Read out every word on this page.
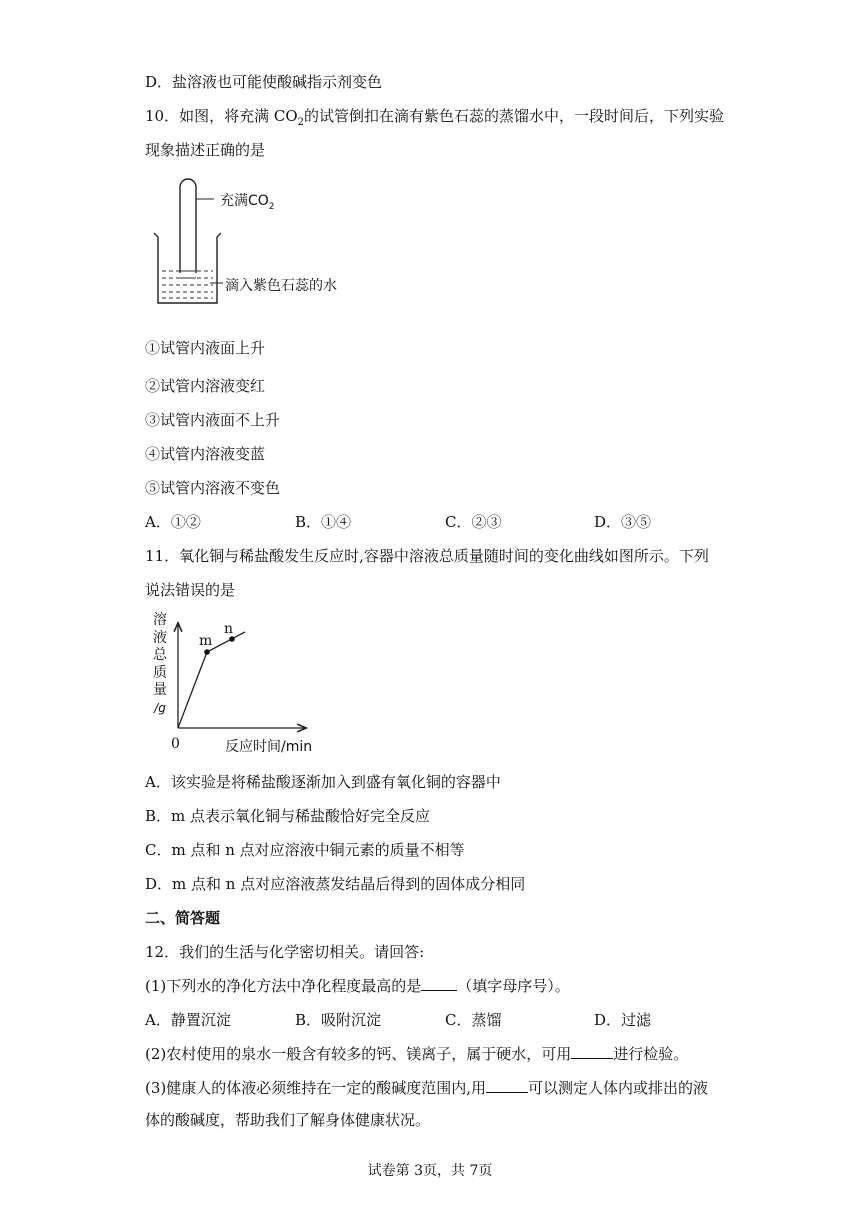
D．盐溶液也可能使酸碱指示剂变色
10．如图，将充满 $CO_2$的试管倒扣在滴有紫色石蕊的蒸馏水中，一段时间后，下列实验
现象描述正确的是
充满$CO_2$
滴入紫色石蕊的水
①试管内液面上升
②试管内溶液变红
③试管内液面不上升
④试管内溶液变蓝
⑤试管内溶液不变色
A．①②	B．①④	C．②③	D．③⑤
11．氧化铜与稀盐酸发生反应时,容器中溶液总质量随时间的变化曲线如图所示。下列
说法错误的是
溶
液
总
质
量
/g
m
n
0	反应时间/min
A．该实验是将稀盐酸逐渐加入到盛有氧化铜的容器中
B．m 点表示氧化铜与稀盐酸恰好完全反应
C．m 点和 n 点对应溶液中铜元素的质量不相等
D．m 点和 n 点对应溶液蒸发结晶后得到的固体成分相同
二、简答题
12．我们的生活与化学密切相关。请回答:
(1)下列水的净化方法中净化程度最高的是 （填字母序号）。
A．静置沉淀	B．吸附沉淀	C．蒸馏	D．过滤
(2)农村使用的泉水一般含有较多的钙、镁离子，属于硬水，可用	进行检验。
(3)健康人的体液必须维持在一定的酸碱度范围内,用	可以测定人体内或排出的液
体的酸碱度，帮助我们了解身体健康状况。
试卷第 3页，共 7页
